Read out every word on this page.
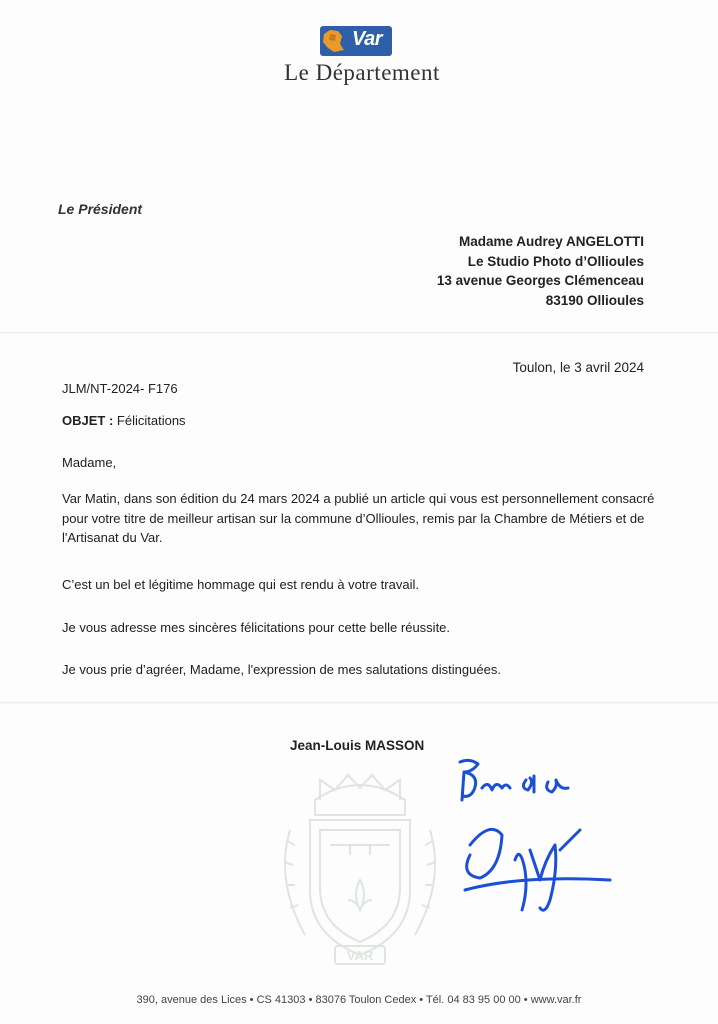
Var
Le Département
Le Président
Madame Audrey ANGELOTTI
Le Studio Photo d’Ollioules
13 avenue Georges Clémenceau
83190 Ollioules
Toulon, le 3 avril 2024
JLM/NT-2024- F176
OBJET : Félicitations
Madame,
Var Matin, dans son édition du 24 mars 2024 a publié un article qui vous est personnellement consacré pour votre titre de meilleur artisan sur la commune d’Ollioules, remis par la Chambre de Métiers et de l'Artisanat du Var.
C’est un bel et légitime hommage qui est rendu à votre travail.
Je vous adresse mes sincères félicitations pour cette belle réussite.
Je vous prie d’agréer, Madame, l'expression de mes salutations distinguées.
Jean-Louis MASSON
VAR
390, avenue des Lices • CS 41303 • 83076 Toulon Cedex • Tél. 04 83 95 00 00 • www.var.fr
